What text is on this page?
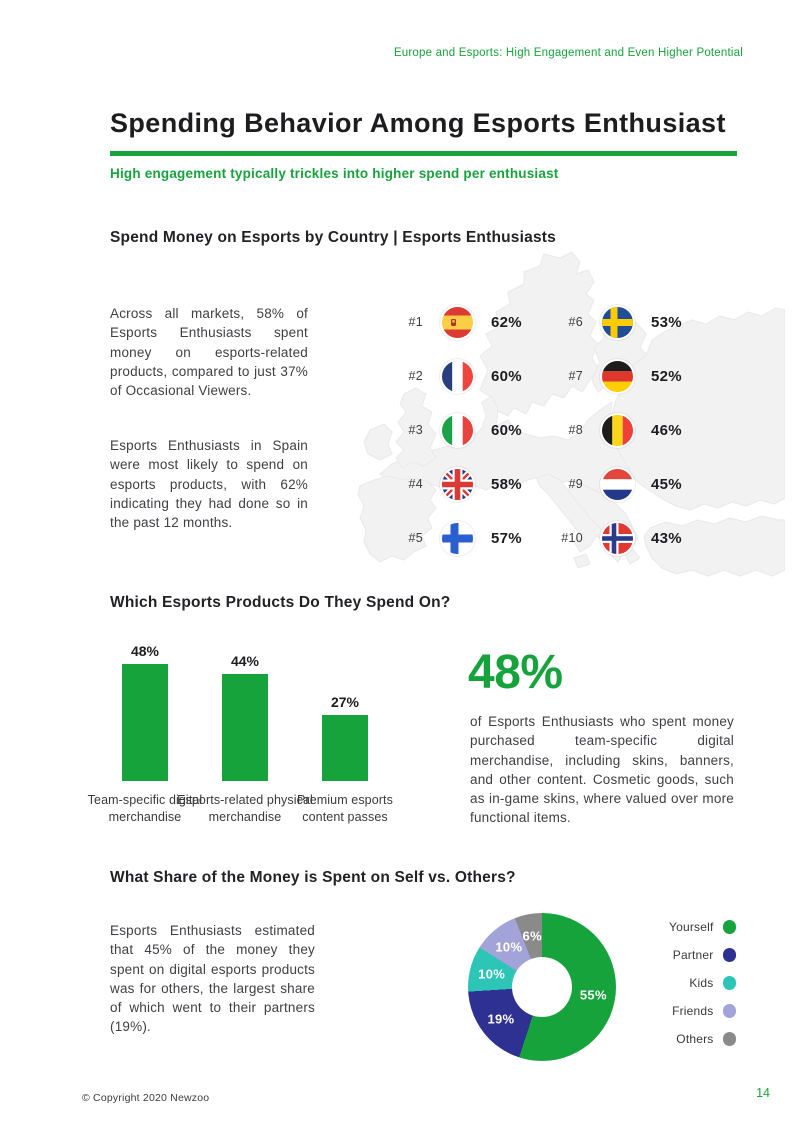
Europe and Esports: High Engagement and Even Higher Potential
Spending Behavior Among Esports Enthusiast
High engagement typically trickles into higher spend per enthusiast
Spend Money on Esports by Country | Esports Enthusiasts

Across all markets, 58% of Esports Enthusiasts spent money on esports-related products, compared to just 37% of Occasional Viewers.

Esports Enthusiasts in Spain were most likely to spend on esports products, with 62% indicating they had done so in the past 12 months.

#1	62%
#2	60%
#3	60%
#4	58%
#5	57%
#6	53%
#7	52%
#8	46%
#9	45%
#10	43%
Which Esports Products Do They Spend On?
48%
Team-specific digital merchandise
44%
Esports-related physical merchandise
27%
Premium esports content passes
48%

of Esports Enthusiasts who spent money purchased team-specific digital merchandise, including skins, banners, and other content. Cosmetic goods, such as in-game skins, where valued over more functional items.

What Share of the Money is Spent on Self vs. Others?

Esports Enthusiasts estimated that 45% of the money they spent on digital esports products was for others, the largest share of which went to their partners (19%).

55%
19%
10%
10%
6%
Yourself
Partner
Kids
Friends
Others
© Copyright 2020 Newzoo	14
